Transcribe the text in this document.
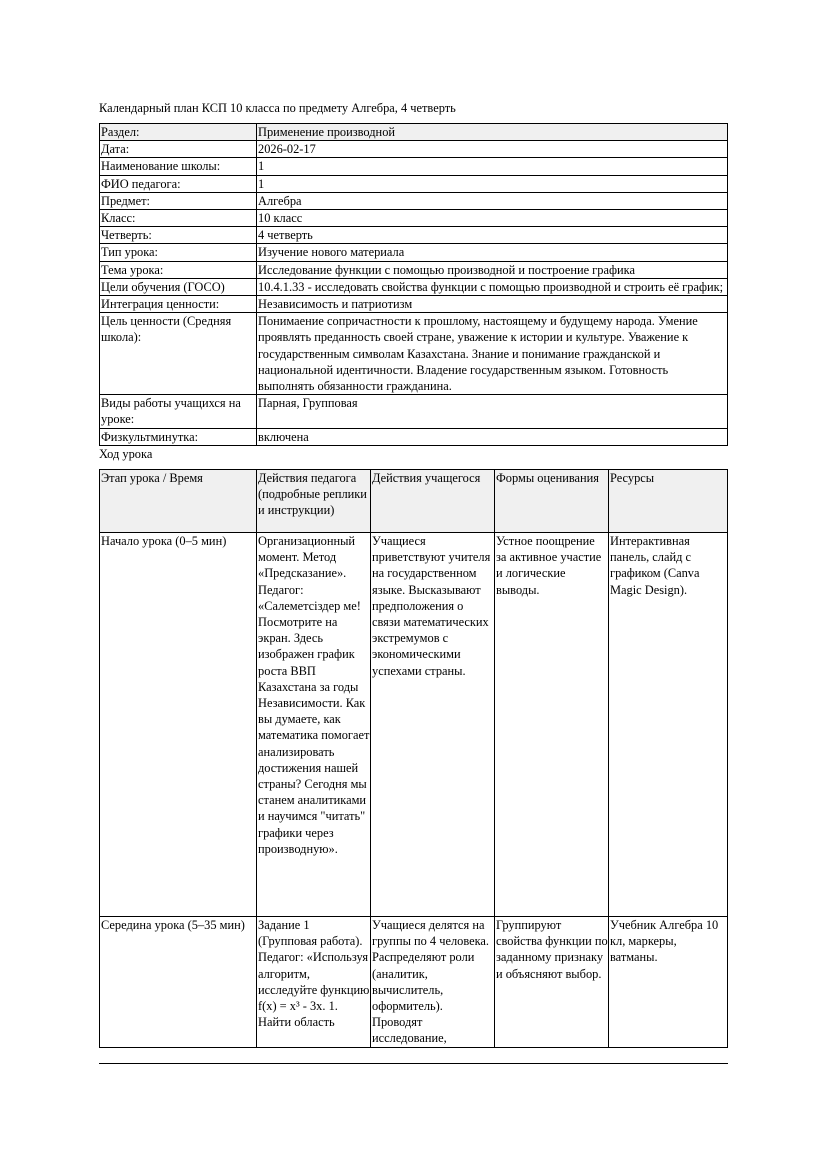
Календарный план КСП 10 класса по предмету Алгебра, 4 четверть
Раздел:	Применение производной
Дата:	2026-02-17
Наименование школы:	1
ФИО педагога:	1
Предмет:	Алгебра
Класс:	10 класс
Четверть:	4 четверть
Тип урока:	Изучение нового материала
Тема урока:	Исследование функции с помощью производной и построение графика
Цели обучения (ГОСО)	10.4.1.33 - исследовать свойства функции с помощью производной и строить её график;
Интеграция ценности:	Независимость и патриотизм
Цель ценности (Средняя школа):	Понимаение сопричастности к прошлому, настоящему и будущему народа. Умение проявлять преданность своей стране, уважение к истории и культуре. Уважение к государственным символам Казахстана. Знание и понимание гражданской и национальной идентичности. Владение государственным языком. Готовность выполнять обязанности гражданина.
Виды работы учащихся на уроке:	Парная, Групповая
Физкультминутка:	включена
Ход урока
Этап урока / Время	Действия педагога (подробные реплики и инструкции)	Действия учащегося	Формы оценивания	Ресурсы
Начало урока (0–5 мин)	Организационный момент. Метод «Предсказание». Педагог: «Салеметсіздер ме! Посмотрите на экран. Здесь изображен график роста ВВП Казахстана за годы Независимости. Как вы думаете, как математика помогает анализировать достижения нашей страны? Сегодня мы станем аналитиками и научимся "читать" графики через производную».	Учащиеся приветствуют учителя на государственном языке. Высказывают предположения о связи математических экстремумов с экономическими успехами страны.	Устное поощрение за активное участие и логические выводы.	Интерактивная панель, слайд с графиком (Canva Magic Design).
Середина урока (5–35 мин)	Задание 1 (Групповая работа). Педагог: «Используя алгоритм, исследуйте функцию f(x) = x³ - 3x. 1. Найти область	Учащиеся делятся на группы по 4 человека. Распределяют роли (аналитик, вычислитель, оформитель). Проводят исследование,	Группируют свойства функции по заданному признаку и объясняют выбор.	Учебник Алгебра 10 кл, маркеры, ватманы.
